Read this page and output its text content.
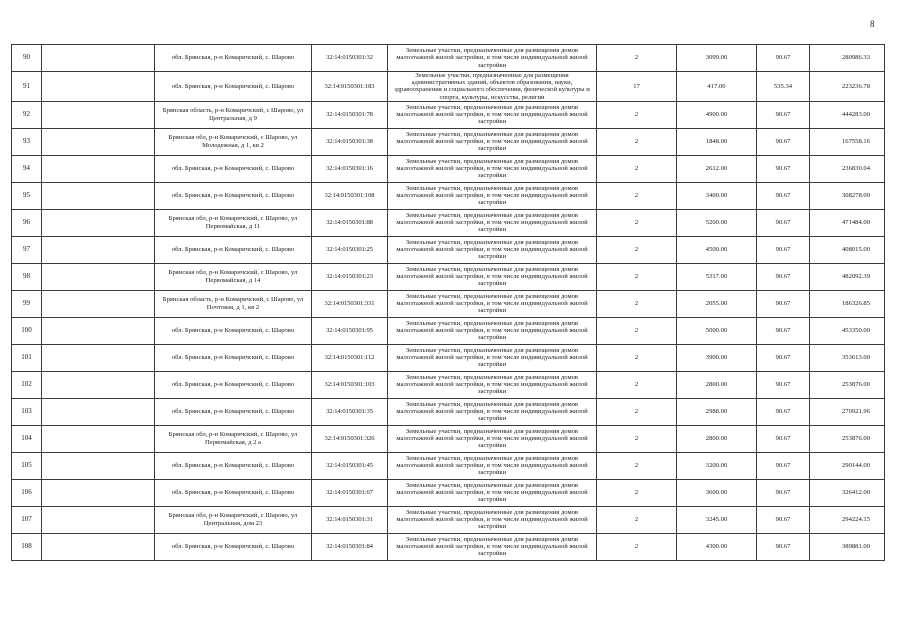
8
90		обл. Брянская, р-н Комаричский, с. Шарово	32:14:0150301:32	Земельные участки, предназначенные для размещения домов малоэтажной жилой застройки, в том числе индивидуальной жилой застройки	2	3099.00	90.67	280986.33
91		обл. Брянская, р-н Комаричский, с. Шарово	32:14:0150301:183	Земельные участки, предназначенные для размещения административных зданий, объектов образования, науки, здравоохранения и социального обеспечения, физической культуры и спорта, культуры, искусства, религии	17	417.00	535.34	223236.78
92		Брянская область, р-н Комаричский, с Шарово, ул Центральная, д 9	32:14:0150301:78	Земельные участки, предназначенные для размещения домов малоэтажной жилой застройки, в том числе индивидуальной жилой застройки	2	4900.00	90.67	444283.00
93		Брянская обл, р-н Комаричский, с Шарово, ул Молодежная, д 1, кв 2	32:14:0150301:38	Земельные участки, предназначенные для размещения домов малоэтажной жилой застройки, в том числе индивидуальной жилой застройки	2	1848.00	90.67	167558.16
94		обл. Брянская, р-н Комаричский, с. Шарово	32:14:0150301:16	Земельные участки, предназначенные для размещения домов малоэтажной жилой застройки, в том числе индивидуальной жилой застройки	2	2612.00	90.67	236830.04
95		обл. Брянская, р-н Комаричский, с. Шарово	32:14:0150301:108	Земельные участки, предназначенные для размещения домов малоэтажной жилой застройки, в том числе индивидуальной жилой застройки	2	3400.00	90.67	308278.00
96		Брянская обл, р-н Комаричский, с Шарово, ул Первомайская, д 11	32:14:0150301:88	Земельные участки, предназначенные для размещения домов малоэтажной жилой застройки, в том числе индивидуальной жилой застройки	2	5200.00	90.67	471484.00
97		обл. Брянская, р-н Комаричский, с. Шарово	32:14:0150301:25	Земельные участки, предназначенные для размещения домов малоэтажной жилой застройки, в том числе индивидуальной жилой застройки	2	4500.00	90.67	408015.00
98		Брянская обл, р-н Комаричский, с Шарово, ул Первомайская, д 14	32:14:0150301:23	Земельные участки, предназначенные для размещения домов малоэтажной жилой застройки, в том числе индивидуальной жилой застройки	2	5317.00	90.67	482092.39
99		Брянская область, р-н Комаричский, с Шарово, ул Почтовая, д 1, кв 2	32:14:0150301:331	Земельные участки, предназначенные для размещения домов малоэтажной жилой застройки, в том числе индивидуальной жилой застройки	2	2055.00	90.67	186326.85
100		обл. Брянская, р-н Комаричский, с. Шарово	32:14:0150301:95	Земельные участки, предназначенные для размещения домов малоэтажной жилой застройки, в том числе индивидуальной жилой застройки	2	5000.00	90.67	453350.00
101		обл. Брянская, р-н Комаричский, с. Шарово	32:14:0150301:112	Земельные участки, предназначенные для размещения домов малоэтажной жилой застройки, в том числе индивидуальной жилой застройки	2	3900.00	90.67	353613.00
102		обл. Брянская, р-н Комаричский, с. Шарово	32:14:0150301:103	Земельные участки, предназначенные для размещения домов малоэтажной жилой застройки, в том числе индивидуальной жилой застройки	2	2800.00	90.67	253876.00
103		обл. Брянская, р-н Комаричский, с. Шарово	32:14:0150301:35	Земельные участки, предназначенные для размещения домов малоэтажной жилой застройки, в том числе индивидуальной жилой застройки	2	2988.00	90.67	270921.96
104		Брянская обл, р-н Комаричский, с Шарово, ул Первомайская, д 2 а	32:14:0150301:326	Земельные участки, предназначенные для размещения домов малоэтажной жилой застройки, в том числе индивидуальной жилой застройки	2	2800.00	90.67	253876.00
105		обл. Брянская, р-н Комаричский, с. Шарово	32:14:0150301:45	Земельные участки, предназначенные для размещения домов малоэтажной жилой застройки, в том числе индивидуальной жилой застройки	2	3200.00	90.67	290144.00
106		обл. Брянская, р-н Комаричский, с. Шарово	32:14:0150301:67	Земельные участки, предназначенные для размещения домов малоэтажной жилой застройки, в том числе индивидуальной жилой застройки	2	3600.00	90.67	326412.00
107		Брянская обл, р-н Комаричский, с Шарово, ул Центральная, дом 23	32:14:0150301:31	Земельные участки, предназначенные для размещения домов малоэтажной жилой застройки, в том числе индивидуальной жилой застройки	2	3245.00	90.67	294224.15
108		обл. Брянская, р-н Комаричский, с. Шарово	32:14:0150301:84	Земельные участки, предназначенные для размещения домов малоэтажной жилой застройки, в том числе индивидуальной жилой застройки	2	4300.00	90.67	389881.00
